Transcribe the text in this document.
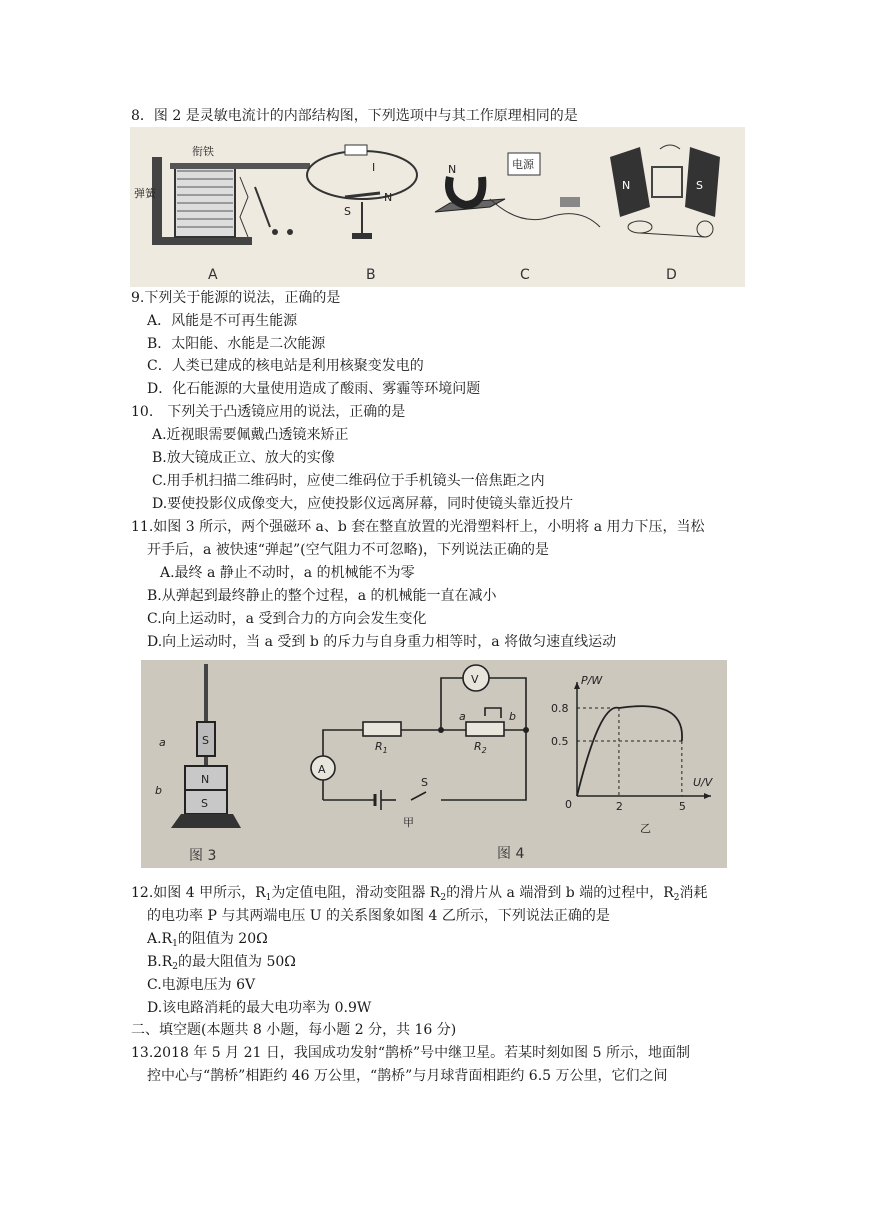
8．图 2 是灵敏电流计的内部结构图，下列选项中与其工作原理相同的是
衔铁
弹簧
A
I
S
N
B
电源
N
C
N	S
D
9.下列关于能源的说法，正确的是
A．风能是不可再生能源
B．太阳能、水能是二次能源
C．人类已建成的核电站是利用核聚变发电的
D．化石能源的大量使用造成了酸雨、雾霾等环境问题
10.　下列关于凸透镜应用的说法，正确的是
A.近视眼需要佩戴凸透镜来矫正
B.放大镜成正立、放大的实像
C.用手机扫描二维码时，应使二维码位于手机镜头一倍焦距之内
D.要使投影仪成像变大，应使投影仪远离屏幕，同时使镜头靠近投片
11.如图 3 所示，两个强磁环 a、b 套在整直放置的光滑塑料杆上，小明将 a 用力下压，当松
开手后，a 被快速“弹起”(空气阻力不可忽略)，下列说法正确的是
A.最终 a 静止不动时，a 的机械能不为零
B.从弹起到最终静止的整个过程，a 的机械能一直在减小
C.向上运动时，a 受到合力的方向会发生变化
D.向上运动时，当 a 受到 b 的斥力与自身重力相等时，a 将做匀速直线运动
S
N
S
a
b
图 3
V
A
$R_1$	$R_2$
a	b
S
甲
图 4
0.8
2
0.5
5
P/W
U/V
0
乙
12.如图 4 甲所示，$R_1$为定值电阻，滑动变阻器 $R_2$的滑片从 a 端滑到 b 端的过程中，$R_2$消耗
的电功率 P 与其两端电压 U 的关系图象如图 4 乙所示，下列说法正确的是
$A.R_1$的阻值为 20Ω
$B.R_2$的最大阻值为 50Ω
C.电源电压为 6V
D.该电路消耗的最大电功率为 0.9W
二、填空题(本题共 8 小题，每小题 2 分，共 16 分)
13.2018 年 5 月 21 日，我国成功发射“鹊桥”号中继卫星。若某时刻如图 5 所示，地面制
控中心与“鹊桥”相距约 46 万公里，“鹊桥”与月球背面相距约 6.5 万公里，它们之间
